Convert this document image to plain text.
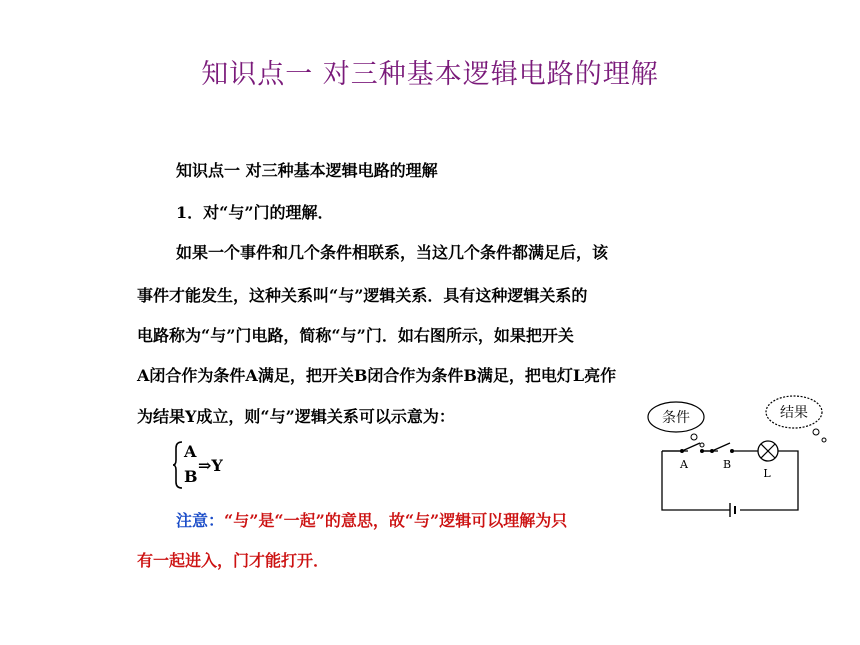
知识点一 对三种基本逻辑电路的理解
知识点一 对三种基本逻辑电路的理解
1．对“与”门的理解．
如果一个事件和几个条件相联系，当这几个条件都满足后，该
事件才能发生，这种关系叫“与”逻辑关系．具有这种逻辑关系的
电路称为“与”门电路，简称“与”门．如右图所示，如果把开关
A闭合作为条件A满足，把开关B闭合作为条件B满足，把电灯L亮作
为结果Y成立，则“与”逻辑关系可以示意为：
A
B
⇒Y
注意：“与”是“一起”的意思，故“与”逻辑可以理解为只
有一起进入，门才能打开．
条件	结果
A	B
L
